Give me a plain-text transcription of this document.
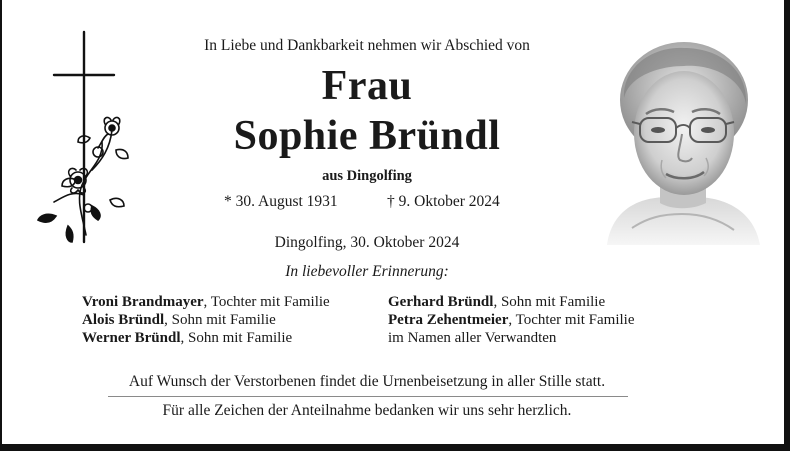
In Liebe und Dankbarkeit nehmen wir Abschied von
Frau
Sophie Bründl
aus Dingolfing
* 30. August 1931	† 9. Oktober 2024
Dingolfing, 30. Oktober 2024
In liebevoller Erinnerung:
Vroni Brandmayer, Tochter mit Familie
Alois Bründl, Sohn mit Familie
Werner Bründl, Sohn mit Familie
Gerhard Bründl, Sohn mit Familie
Petra Zehentmeier, Tochter mit Familie
im Namen aller Verwandten
Auf Wunsch der Verstorbenen findet die Urnenbeisetzung in aller Stille statt.
Für alle Zeichen der Anteilnahme bedanken wir uns sehr herzlich.
